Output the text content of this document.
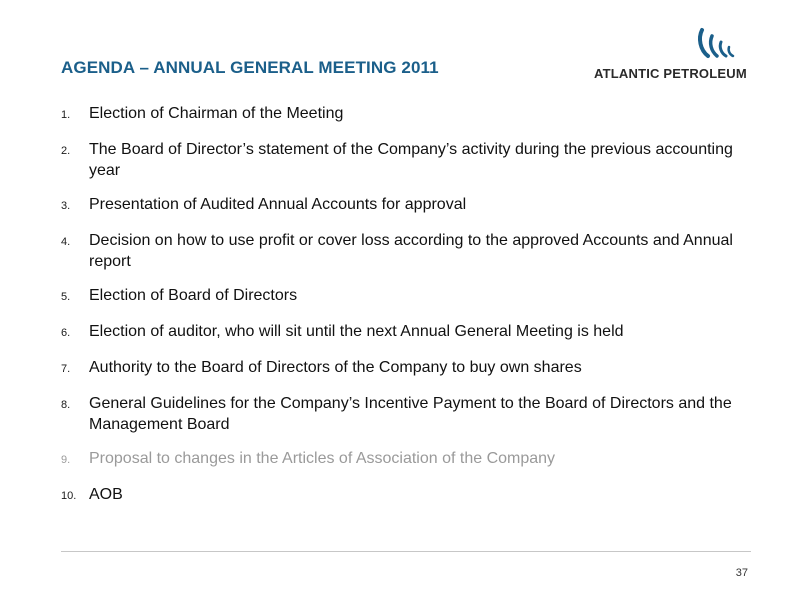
AGENDA – ANNUAL GENERAL MEETING 2011	ATLANTIC PETROLEUM
1.	Election of Chairman of the Meeting
2.	The Board of Director’s statement of the Company’s activity during the previous accounting year
3.	Presentation of Audited Annual Accounts for approval
4.	Decision on how to use profit or cover loss according to the approved Accounts and Annual report
5.	Election of Board of Directors
6.	Election of auditor, who will sit until the next Annual General Meeting is held
7.	Authority to the Board of Directors of the Company to buy own shares
8.	General Guidelines for the Company’s Incentive Payment to the Board of Directors and the Management Board
9.	Proposal to changes in the Articles of Association of the Company
10. AOB
37
